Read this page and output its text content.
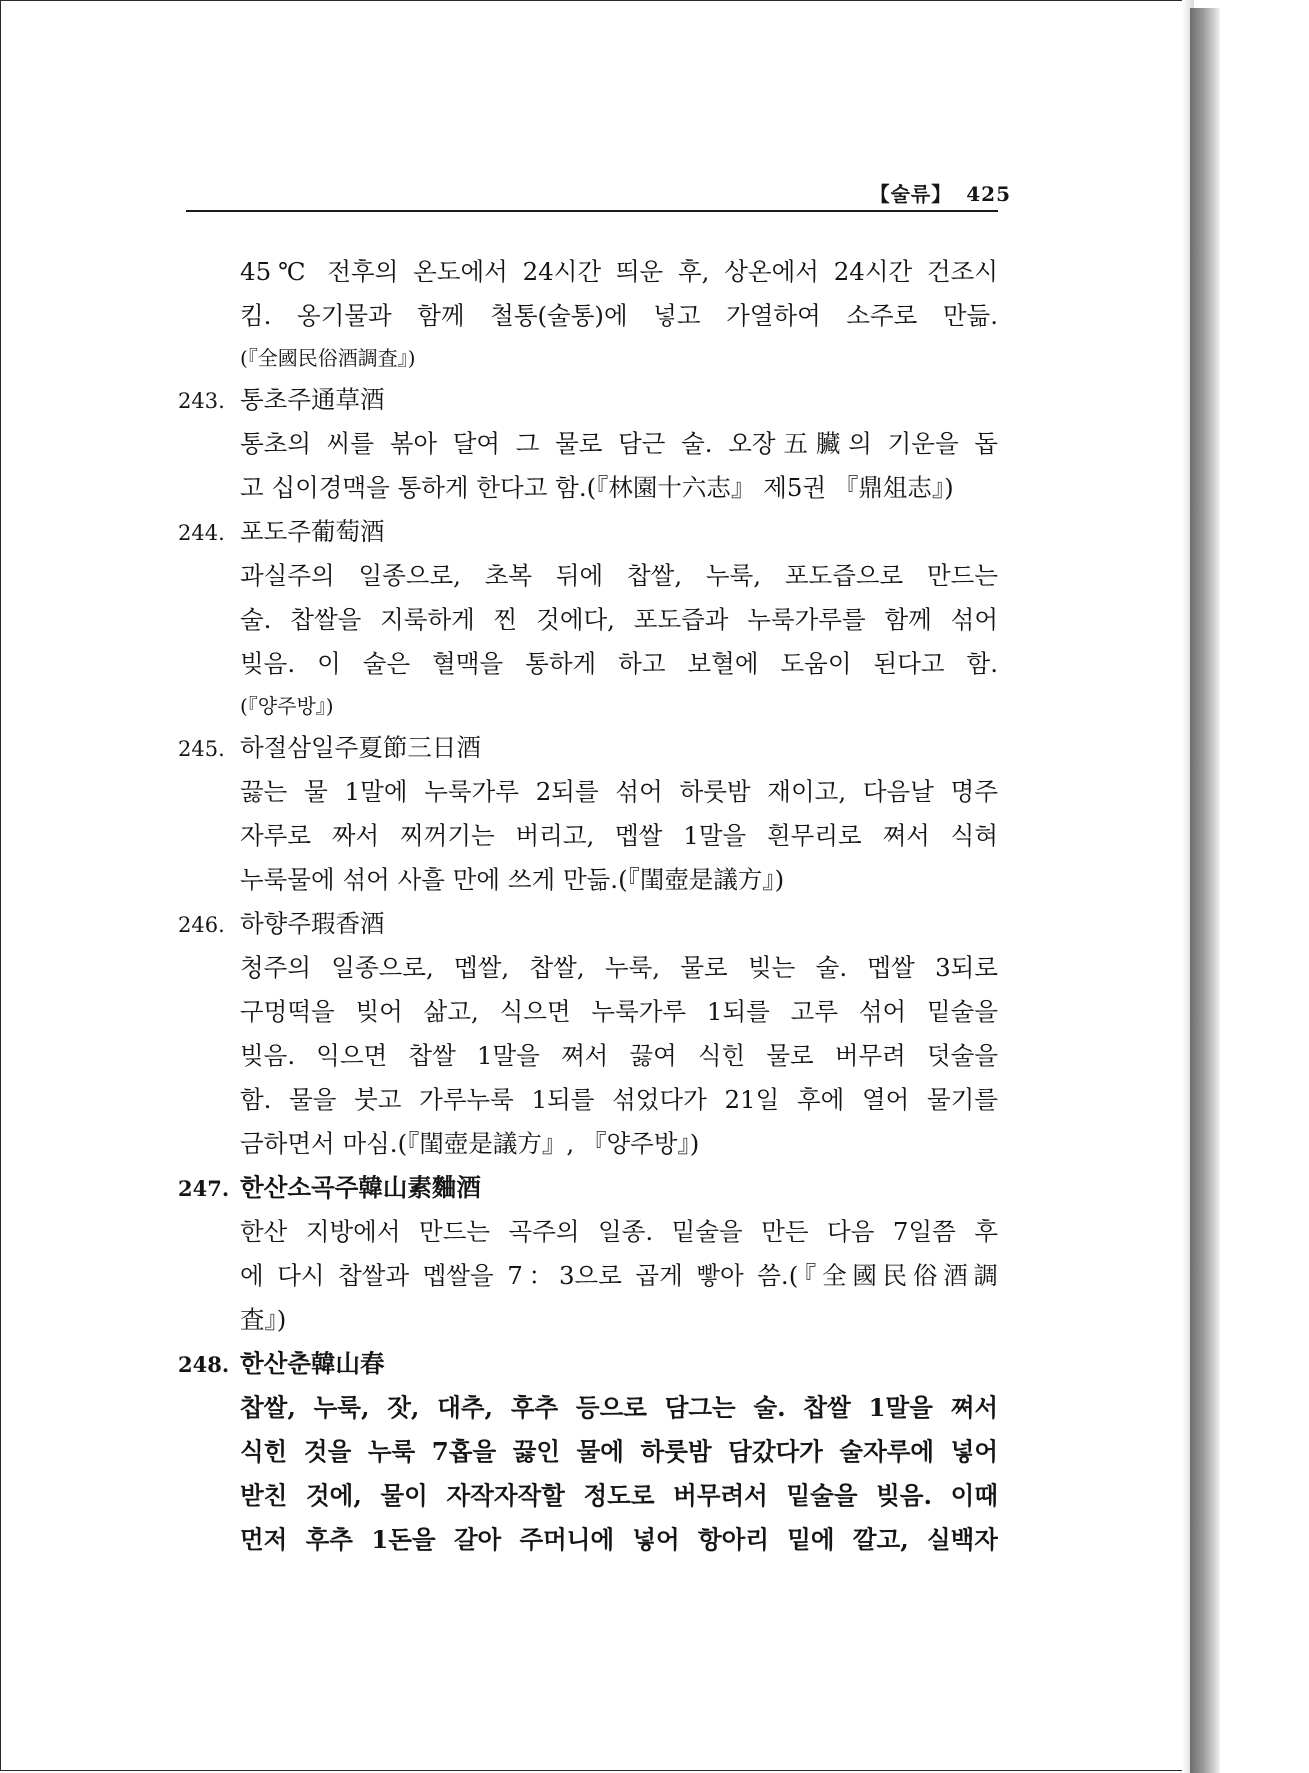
【술류】 425
45℃ 전후의 온도에서 24시간 띄운 후, 상온에서 24시간 건조시
킴. 옹기물과 함께 철통(술통)에 넣고 가열하여 소주로 만듦.
(『全國民俗酒調査』)
243. 통초주通草酒
통초의 씨를 볶아 달여 그 물로 담근 술. 오장五臟의 기운을 돕
고 십이경맥을 통하게 한다고 함.(『林園十六志』 제5권 『鼎俎志』)
244. 포도주葡萄酒
과실주의 일종으로, 초복 뒤에 찹쌀, 누룩, 포도즙으로 만드는
술. 찹쌀을 지룩하게 찐 것에다, 포도즙과 누룩가루를 함께 섞어
빚음. 이 술은 혈맥을 통하게 하고 보혈에 도움이 된다고 함.
(『양주방』)
245. 하절삼일주夏節三日酒
끓는 물 1말에 누룩가루 2되를 섞어 하룻밤 재이고, 다음날 명주
자루로 짜서 찌꺼기는 버리고, 멥쌀 1말을 흰무리로 쪄서 식혀
누룩물에 섞어 사흘 만에 쓰게 만듦.(『閨壺是議方』)
246. 하향주瑕香酒
청주의 일종으로, 멥쌀, 찹쌀, 누룩, 물로 빚는 술. 멥쌀 3되로
구멍떡을 빚어 삶고, 식으면 누룩가루 1되를 고루 섞어 밑술을
빚음. 익으면 찹쌀 1말을 쪄서 끓여 식힌 물로 버무려 덧술을
함. 물을 붓고 가루누룩 1되를 섞었다가 21일 후에 열어 물기를
금하면서 마심.(『閨壺是議方』, 『양주방』)
247. 한산소곡주韓山素麯酒
한산 지방에서 만드는 곡주의 일종. 밑술을 만든 다음 7일쯤 후
에 다시 찹쌀과 멥쌀을 7：3으로 곱게 빻아 씀.(『全國民俗酒調
査』)
248. 한산춘韓山春
찹쌀, 누룩, 잣, 대추, 후추 등으로 담그는 술. 찹쌀 1말을 쪄서
식힌 것을 누룩 7홉을 끓인 물에 하룻밤 담갔다가 술자루에 넣어
받친 것에, 물이 자작자작할 정도로 버무려서 밑술을 빚음. 이때
먼저 후추 1돈을 갈아 주머니에 넣어 항아리 밑에 깔고, 실백자
